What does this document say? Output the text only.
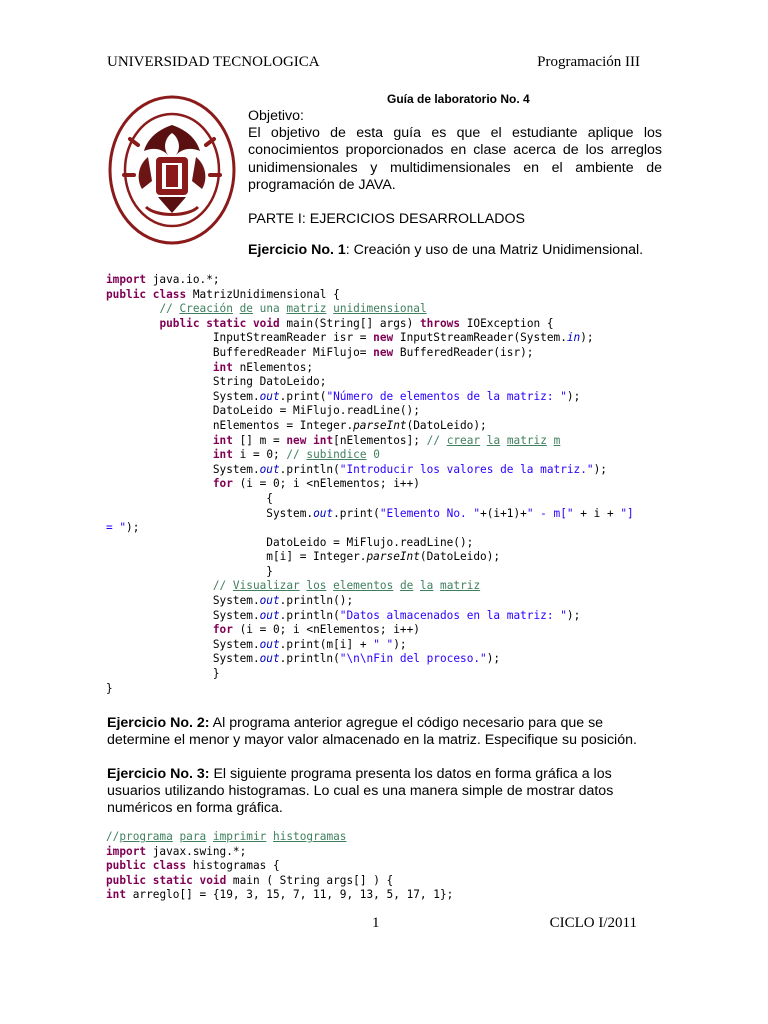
UNIVERSIDAD TECNOLOGICA	Programación III
Guía de laboratorio No. 4
Objetivo:

El objetivo de esta guía es que el estudiante aplique los conocimientos proporcionados en clase acerca de los arreglos unidimensionales y multidimensionales en el ambiente de programación de JAVA.

PARTE I: EJERCICIOS DESARROLLADOS
Ejercicio No. 1: Creación y uso de una Matriz Unidimensional.
import java.io.*;
public class MatrizUnidimensional {
// Creación de una matriz unidimensional
public static void main(String[] args) throws IOException {
InputStreamReader isr = new InputStreamReader(System.in);
BufferedReader MiFlujo= new BufferedReader(isr);
int nElementos;
String DatoLeido;
System.out.print("Número de elementos de la matriz: ");
DatoLeido = MiFlujo.readLine();
nElementos = Integer.parseInt(DatoLeido);
int [] m = new int[nElementos]; // crear la matriz m
int i = 0; // subindice 0
System.out.println("Introducir los valores de la matriz.");
for (i = 0; i <nElementos; i++)
{
System.out.print("Elemento No. "+(i+1)+" - m[" + i + "]
= ");
DatoLeido = MiFlujo.readLine();
m[i] = Integer.parseInt(DatoLeido);
}
// Visualizar los elementos de la matriz
System.out.println();
System.out.println("Datos almacenados en la matriz: ");
for (i = 0; i <nElementos; i++)
System.out.print(m[i] + " ");
System.out.println("\n\nFin del proceso.");
}
}
Ejercicio No. 2: Al programa anterior agregue el código necesario para que se determine el menor y mayor valor almacenado en la matriz. Especifique su posición.
Ejercicio No. 3: El siguiente programa presenta los datos en forma gráfica a los usuarios utilizando histogramas. Lo cual es una manera simple de mostrar datos numéricos en forma gráfica.
//programa para imprimir histogramas
import javax.swing.*;
public class histogramas {
public static void main ( String args[] ) {
int arreglo[] = {19, 3, 15, 7, 11, 9, 13, 5, 17, 1};
1	CICLO I/2011
